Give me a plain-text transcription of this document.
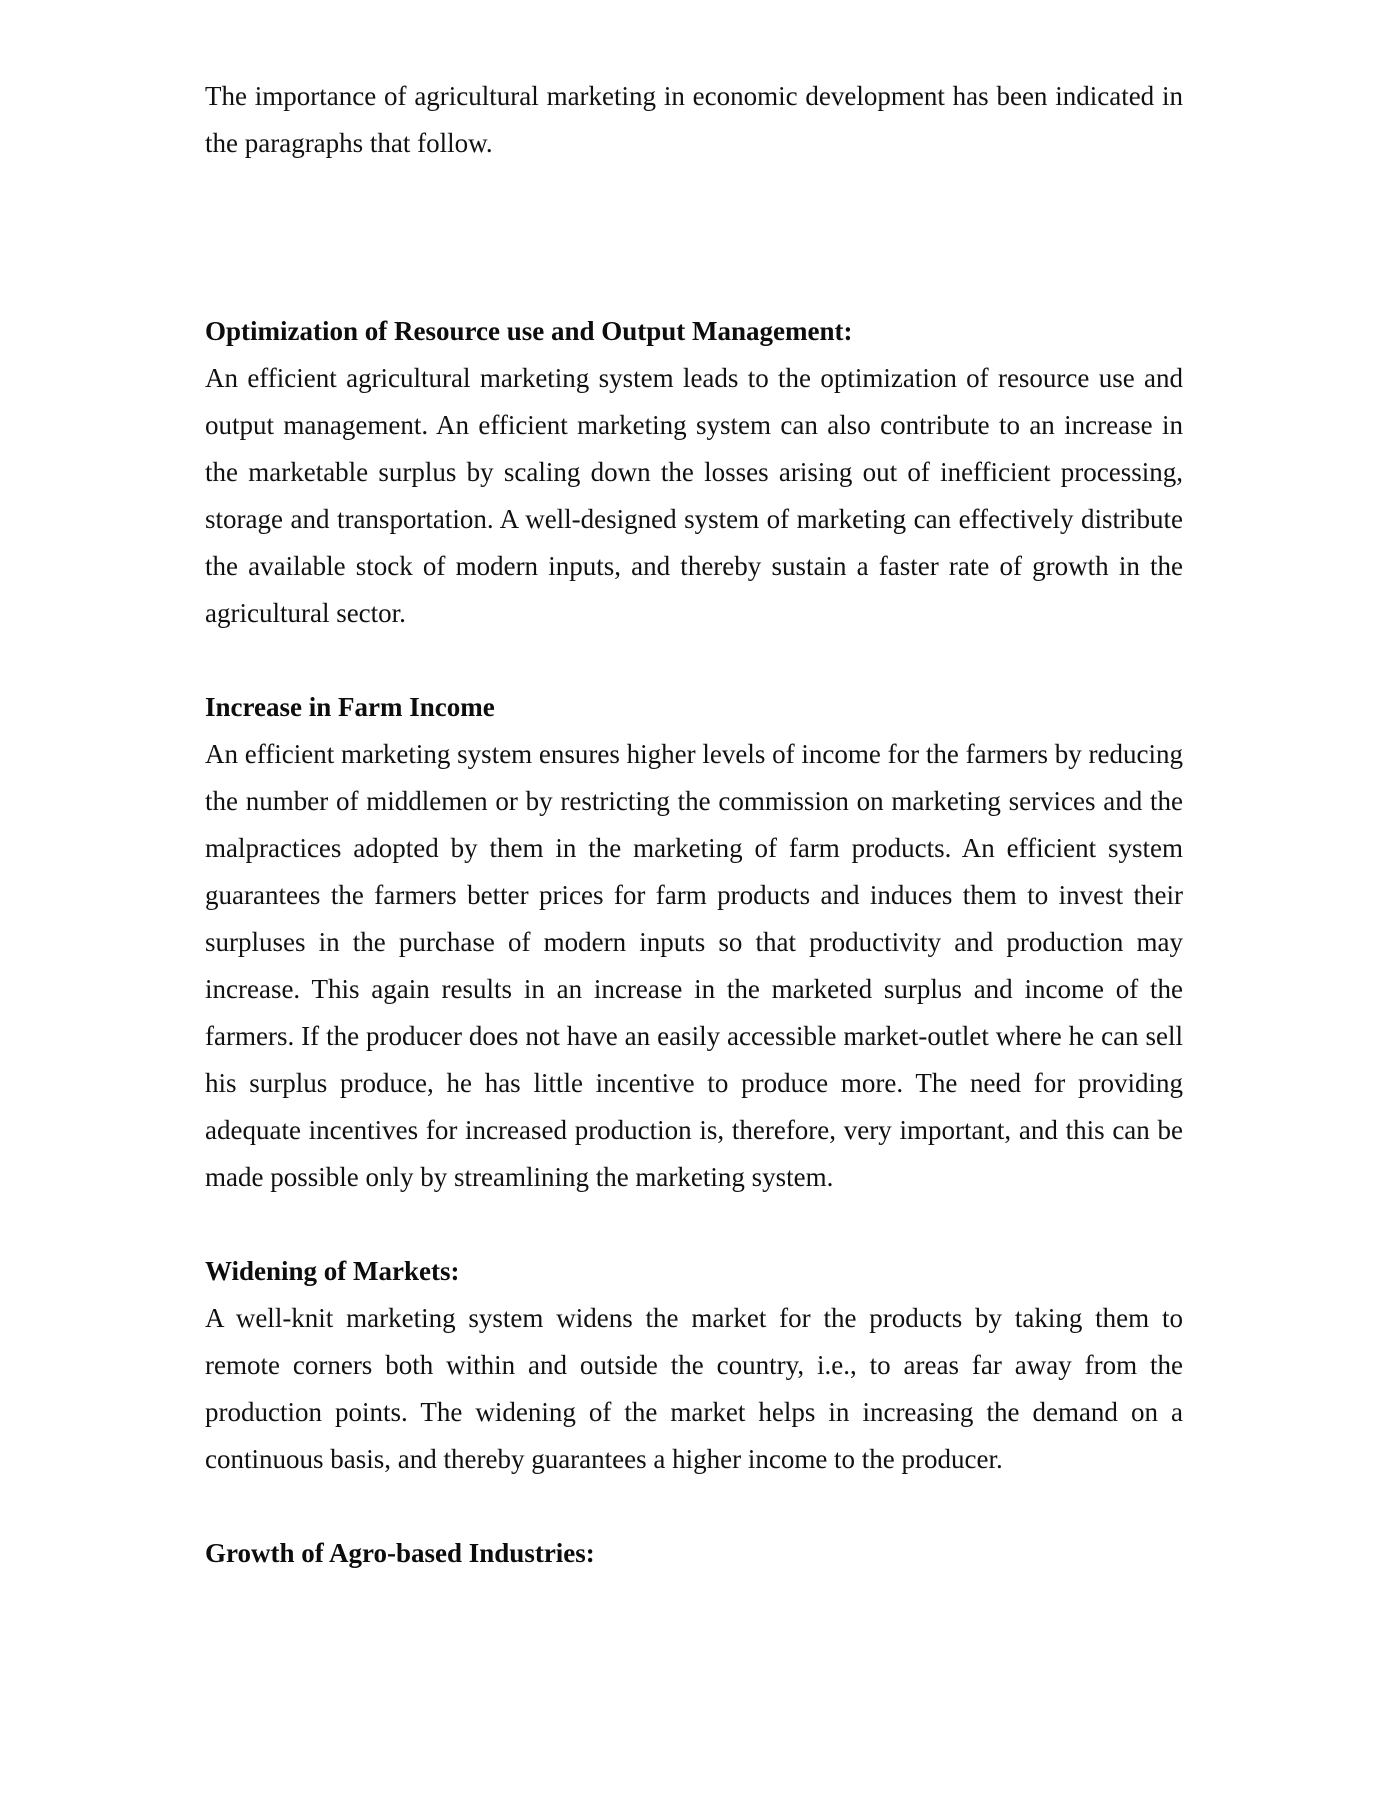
The importance of agricultural marketing in economic development has been indicated in the paragraphs that follow.

Optimization of Resource use and Output Management:

An efficient agricultural marketing system leads to the optimization of resource use and output management. An efficient marketing system can also contribute to an increase in the marketable surplus by scaling down the losses arising out of inefficient processing, storage and transportation. A well-designed system of marketing can effectively distribute the available stock of modern inputs, and thereby sustain a faster rate of growth in the agricultural sector.

Increase in Farm Income

An efficient marketing system ensures higher levels of income for the farmers by reducing the number of middlemen or by restricting the commission on marketing services and the malpractices adopted by them in the marketing of farm products. An efficient system guarantees the farmers better prices for farm products and induces them to invest their surpluses in the purchase of modern inputs so that productivity and production may increase. This again results in an increase in the marketed surplus and income of the farmers. If the producer does not have an easily accessible market-outlet where he can sell his surplus produce, he has little incentive to produce more. The need for providing adequate incentives for increased production is, therefore, very important, and this can be made possible only by streamlining the marketing system.

Widening of Markets:

A well-knit marketing system widens the market for the products by taking them to remote corners both within and outside the country, i.e., to areas far away from the production points. The widening of the market helps in increasing the demand on a continuous basis, and thereby guarantees a higher income to the producer.

Growth of Agro-based Industries:
